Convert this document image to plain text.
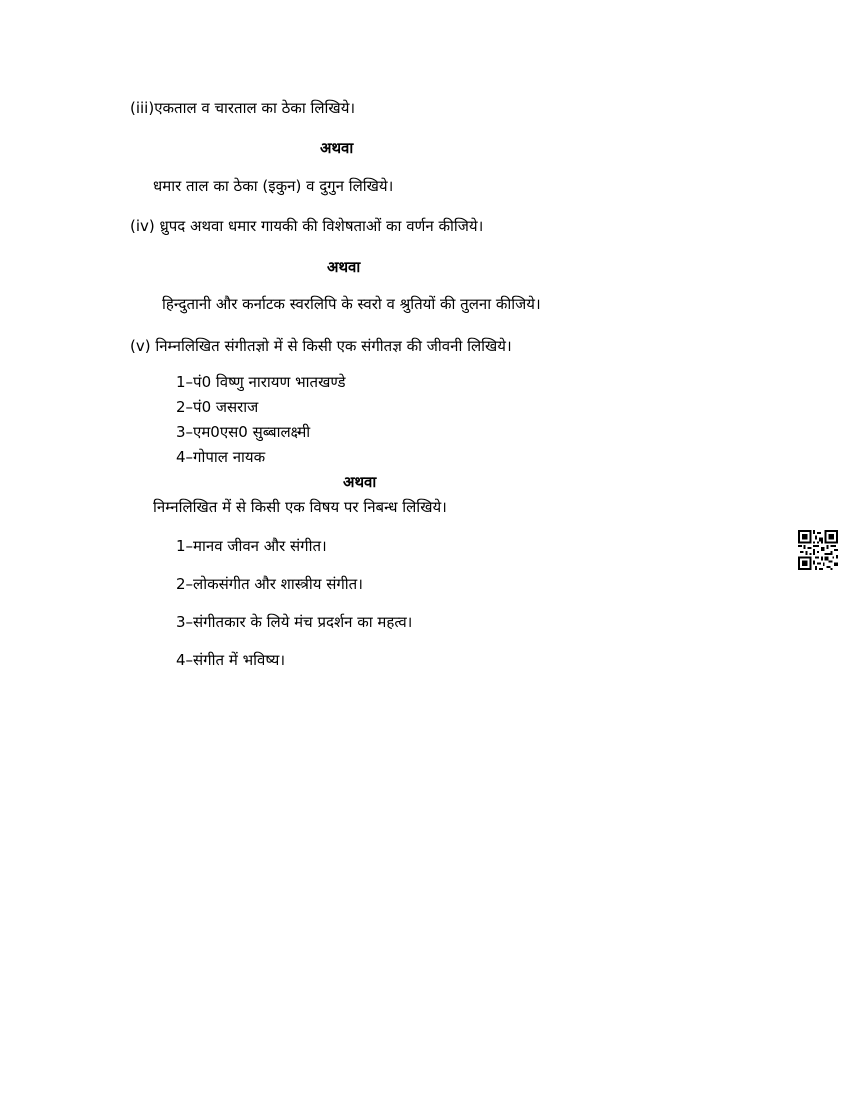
(iii)एकताल व चारताल का ठेका लिखिये।
अथवा
धमार ताल का ठेका (इकुन) व दुगुन लिखिये।
(iv) ध्रुपद अथवा धमार गायकी की विशेषताओं का वर्णन कीजिये।
अथवा
हिन्दुतानी और कर्नाटक स्वरलिपि के स्वरो व श्रुतियों की तुलना कीजिये।
(v) निम्नलिखित संगीतज्ञो में से किसी एक संगीतज्ञ की जीवनी लिखिये।
1–पं0 विष्णु नारायण भातखण्डे
2–पं0 जसराज
3–एम0एस0 सुब्बालक्ष्मी
4–गोपाल नायक
अथवा
निम्नलिखित में से किसी एक विषय पर निबन्ध लिखिये।
1–मानव जीवन और संगीत।
2–लोकसंगीत और शास्त्रीय संगीत।
3–संगीतकार के लिये मंच प्रदर्शन का महत्व।
4–संगीत में भविष्य।
